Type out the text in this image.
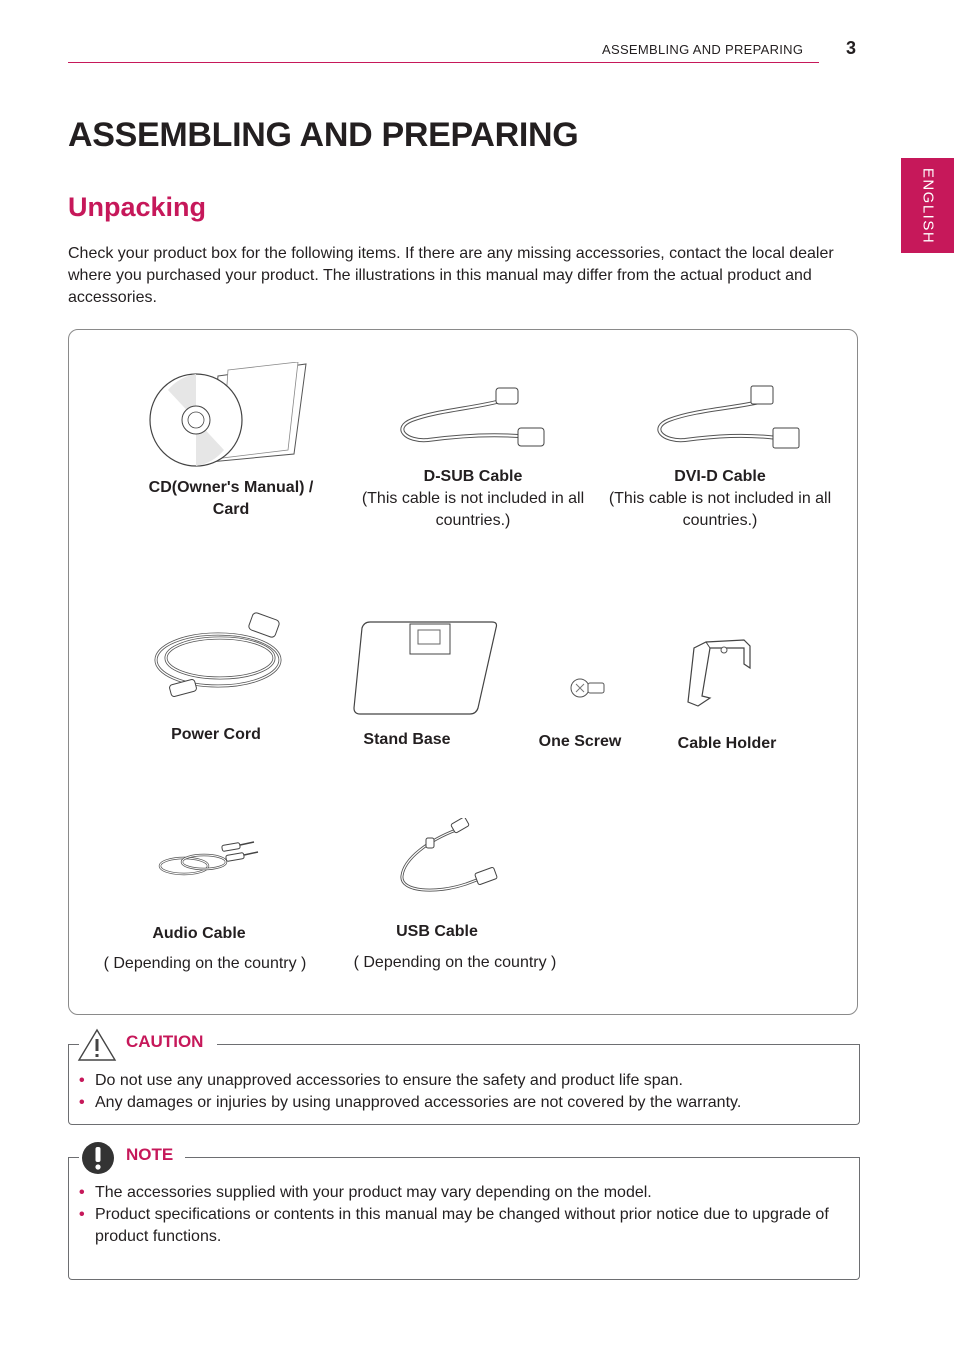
ASSEMBLING AND PREPARING 3
ENGLISH
ASSEMBLING AND PREPARING
Unpacking

Check your product box for the following items. If there are any missing accessories, contact the local dealer where you purchased your product. The illustrations in this manual may differ from the actual product and accessories.

CD(Owner's Manual) /
Card
D-SUB Cable
(This cable is not included in all
countries.)
DVI-D Cable
(This cable is not included in all
countries.)
Power Cord	Stand Base	One Screw	Cable Holder
Audio Cable
( Depending on the country )
USB Cable
( Depending on the country )
CAUTION
• Do not use any unapproved accessories to ensure the safety and product life span.
• Any damages or injuries by using unapproved accessories are not covered by the warranty.
NOTE
• The accessories supplied with your product may vary depending on the model.
• Product specifications or contents in this manual may be changed without prior notice due to upgrade of product functions.
